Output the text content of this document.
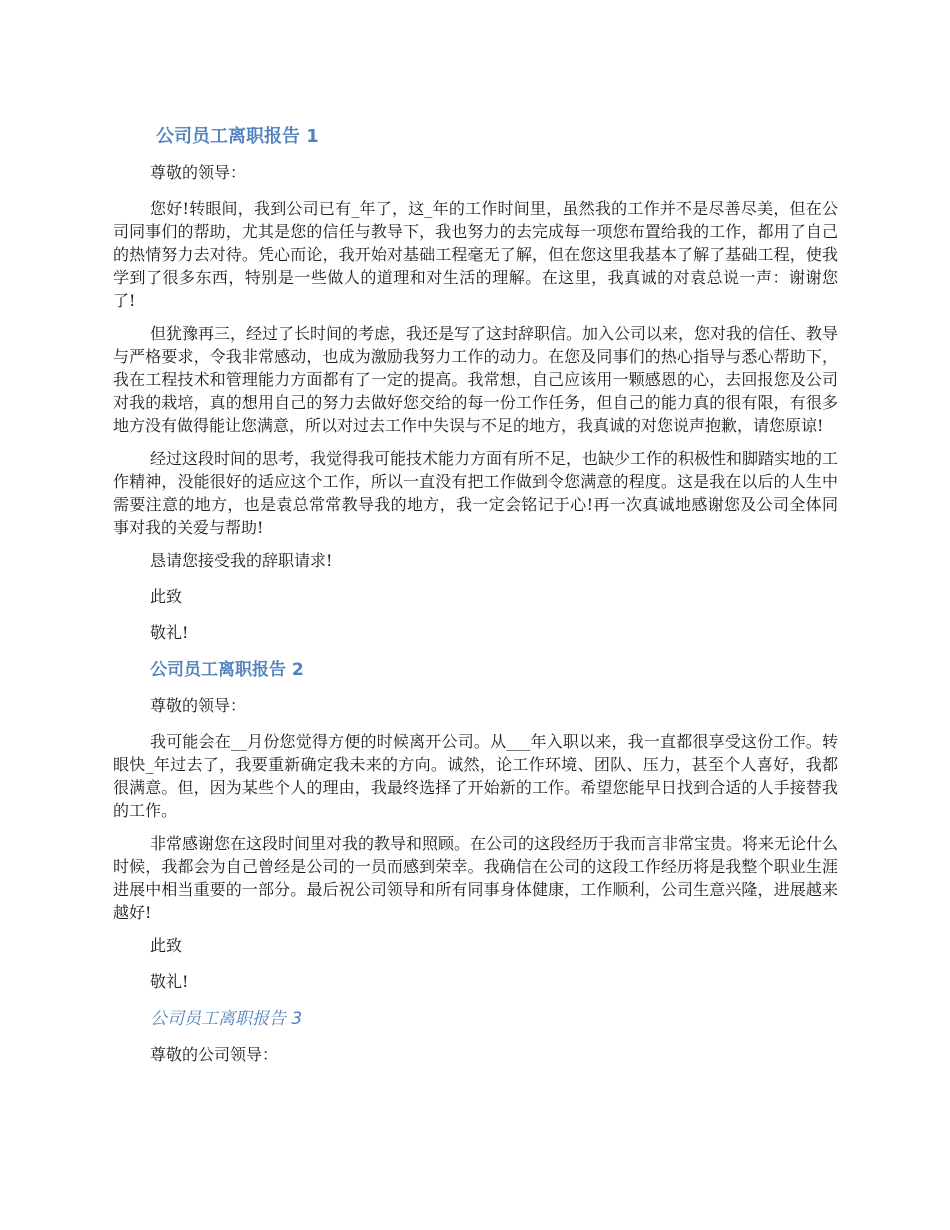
公司员工离职报告 1

尊敬的领导：

您好!转眼间，我到公司已有_年了，这_年的工作时间里，虽然我的工作并不是尽善尽美，但在公司同事们的帮助，尤其是您的信任与教导下，我也努力的去完成每一项您布置给我的工作，都用了自己的热情努力去对待。凭心而论，我开始对基础工程毫无了解，但在您这里我基本了解了基础工程，使我学到了很多东西，特别是一些做人的道理和对生活的理解。在这里，我真诚的对袁总说一声：谢谢您了!

但犹豫再三，经过了长时间的考虑，我还是写了这封辞职信。加入公司以来，您对我的信任、教导与严格要求，令我非常感动，也成为激励我努力工作的动力。在您及同事们的热心指导与悉心帮助下，我在工程技术和管理能力方面都有了一定的提高。我常想，自己应该用一颗感恩的心，去回报您及公司对我的栽培，真的想用自己的努力去做好您交给的每一份工作任务，但自己的能力真的很有限，有很多地方没有做得能让您满意，所以对过去工作中失误与不足的地方，我真诚的对您说声抱歉，请您原谅!

经过这段时间的思考，我觉得我可能技术能力方面有所不足，也缺少工作的积极性和脚踏实地的工作精神，没能很好的适应这个工作，所以一直没有把工作做到令您满意的程度。这是我在以后的人生中需要注意的地方，也是袁总常常教导我的地方，我一定会铭记于心!再一次真诚地感谢您及公司全体同事对我的关爱与帮助!

恳请您接受我的辞职请求!

此致

敬礼!

公司员工离职报告 2

尊敬的领导：

我可能会在__月份您觉得方便的时候离开公司。从___年入职以来，我一直都很享受这份工作。转眼快_年过去了，我要重新确定我未来的方向。诚然，论工作环境、团队、压力，甚至个人喜好，我都很满意。但，因为某些个人的理由，我最终选择了开始新的工作。希望您能早日找到合适的人手接替我的工作。

非常感谢您在这段时间里对我的教导和照顾。在公司的这段经历于我而言非常宝贵。将来无论什么时候，我都会为自己曾经是公司的一员而感到荣幸。我确信在公司的这段工作经历将是我整个职业生涯进展中相当重要的一部分。最后祝公司领导和所有同事身体健康，工作顺利，公司生意兴隆，进展越来越好!

此致

敬礼!

公司员工离职报告 3

尊敬的公司领导：
